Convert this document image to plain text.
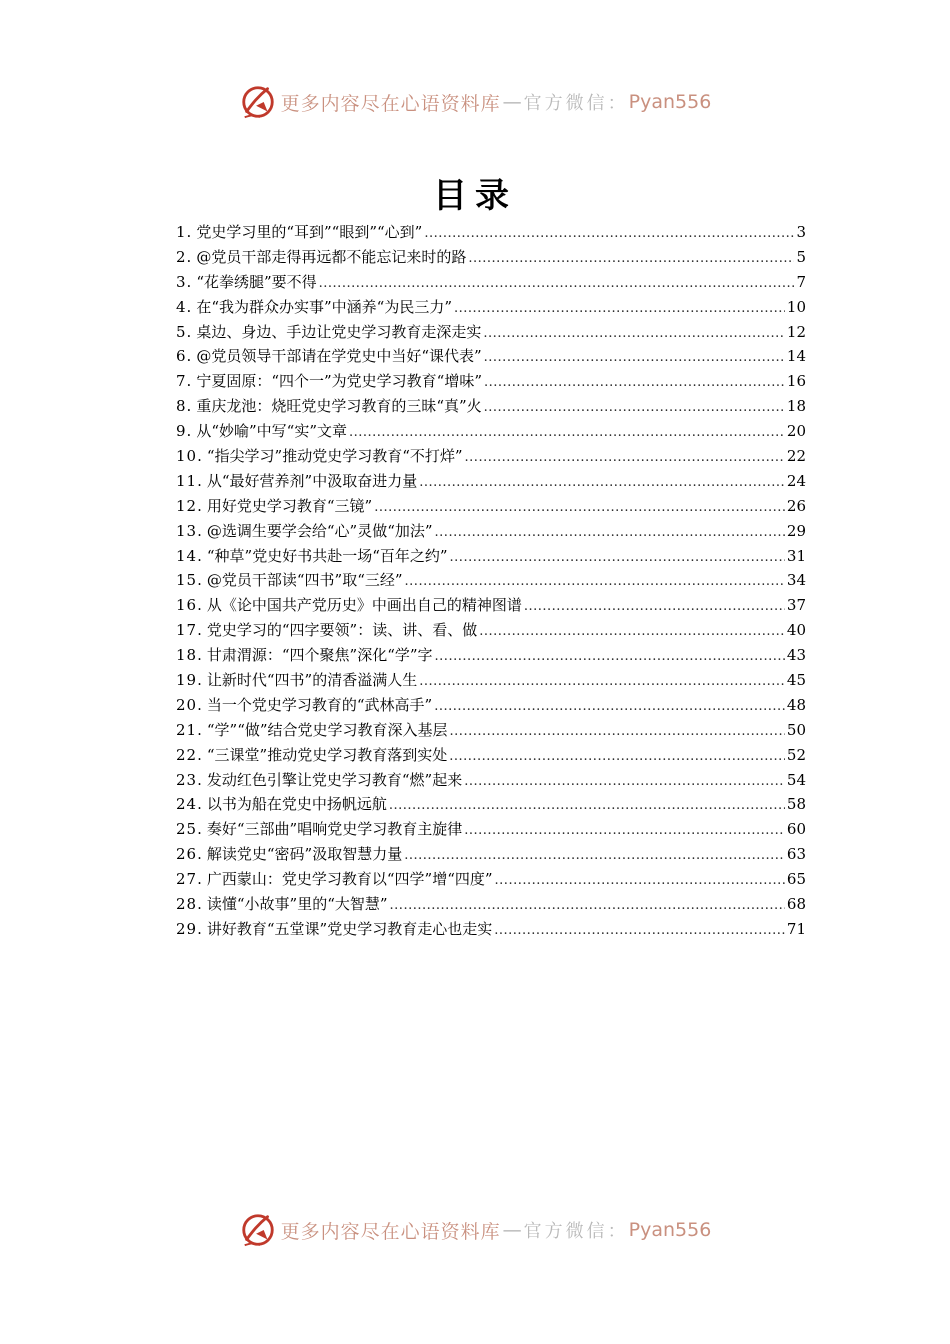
更多内容尽在心语资料库 — 官方微信： Pyan556
目录
1. 党史学习里的“耳到”“眼到”“心到” .....	3
2. @党员干部走得再远都不能忘记来时的路 .....	5
3. “花拳绣腿”要不得 .....	7
4. 在“我为群众办实事”中涵养“为民三力” .....	10
5. 桌边、身边、手边让党史学习教育走深走实 .....	12
6. @党员领导干部请在学党史中当好“课代表” .....	14
7. 宁夏固原：“四个一”为党史学习教育“增味” .....	16
8. 重庆龙池：烧旺党史学习教育的三昧“真”火 .....	18
9. 从“妙喻”中写“实”文章 .....	20
10. “指尖学习”推动党史学习教育“不打烊” .....	22
11. 从“最好营养剂”中汲取奋进力量 .....	24
12. 用好党史学习教育“三镜” .....	26
13. @选调生要学会给“心”灵做“加法” .....	29
14. “种草”党史好书共赴一场“百年之约” .....	31
15. @党员干部读“四书”取“三经” .....	34
16. 从《论中国共产党历史》中画出自己的精神图谱 .....	37
17. 党史学习的“四字要领”：读、讲、看、做 .....	40
18. 甘肃渭源：“四个聚焦”深化“学”字 .....	43
19. 让新时代“四书”的清香溢满人生 .....	45
20. 当一个党史学习教育的“武林高手” .....	48
21. “学”“做”结合党史学习教育深入基层 .....	50
22. “三课堂”推动党史学习教育落到实处 .....	52
23. 发动红色引擎让党史学习教育“燃”起来 .....	54
24. 以书为船在党史中扬帆远航 .....	58
25. 奏好“三部曲”唱响党史学习教育主旋律 .....	60
26. 解读党史“密码”汲取智慧力量 .....	63
27. 广西蒙山：党史学习教育以“四学”增“四度” .....	65
28. 读懂“小故事”里的“大智慧” .....	68
29. 讲好教育“五堂课”党史学习教育走心也走实 .....	71
更多内容尽在心语资料库 — 官方微信： Pyan556
